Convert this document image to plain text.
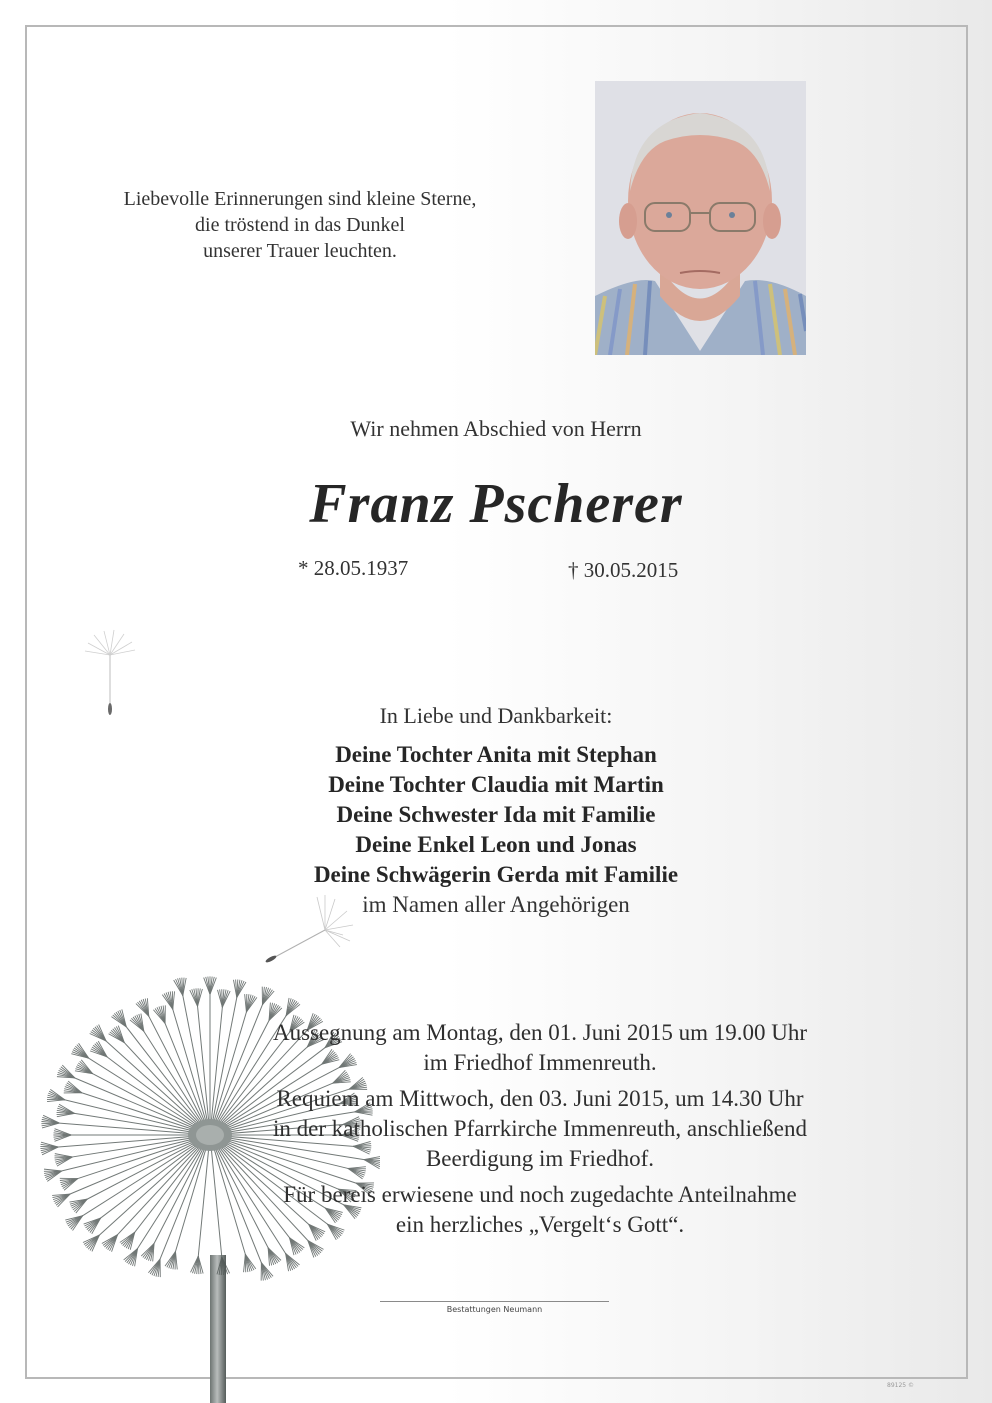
Liebevolle Erinnerungen sind kleine Sterne,
die tröstend in das Dunkel
unserer Trauer leuchten.
Wir nehmen Abschied von Herrn
Franz Pscherer
* 28.05.1937	† 30.05.2015
In Liebe und Dankbarkeit:
Deine Tochter Anita mit Stephan
Deine Tochter Claudia mit Martin
Deine Schwester Ida mit Familie
Deine Enkel Leon und Jonas
Deine Schwägerin Gerda mit Familie
im Namen aller Angehörigen

Aussegnung am Montag, den 01. Juni 2015 um 19.00 Uhr
im Friedhof Immenreuth.

Requiem am Mittwoch, den 03. Juni 2015, um 14.30 Uhr
in der katholischen Pfarrkirche Immenreuth, anschließend
Beerdigung im Friedhof.

Für bereis erwiesene und noch zugedachte Anteilnahme
ein herzliches „Vergelt‘s Gott“.

Bestattungen Neumann
89125 ©
